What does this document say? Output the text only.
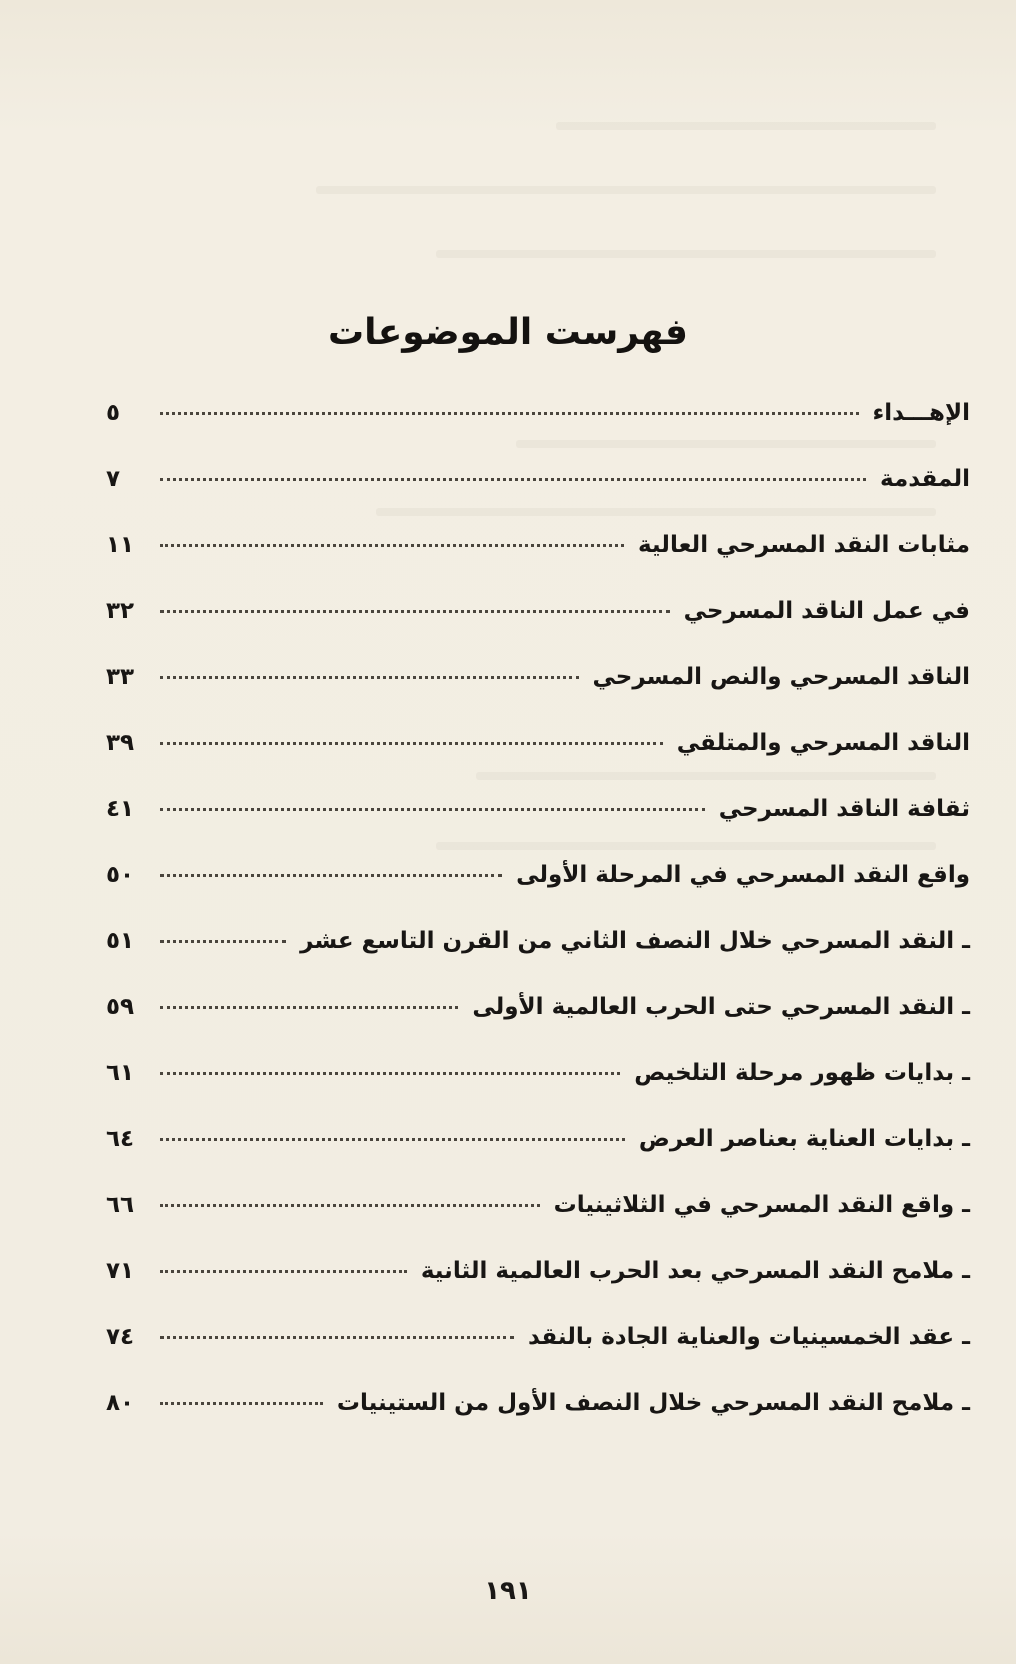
فهرست الموضوعات
٥	الإهـــداء
٧	المقدمة
١١	مثابات النقد المسرحي العالية
٣٢	في عمل الناقد المسرحي
٣٣	الناقد المسرحي والنص المسرحي
٣٩	الناقد المسرحي والمتلقي
٤١	ثقافة الناقد المسرحي
٥٠	واقع النقد المسرحي في المرحلة الأولى
٥١	ـ النقد المسرحي خلال النصف الثاني من القرن التاسع عشر
٥٩	ـ النقد المسرحي حتى الحرب العالمية الأولى
٦١	ـ بدايات ظهور مرحلة التلخيص
٦٤	ـ بدايات العناية بعناصر العرض
٦٦	ـ واقع النقد المسرحي في الثلاثينيات
٧١	ـ ملامح النقد المسرحي بعد الحرب العالمية الثانية
٧٤	ـ عقد الخمسينيات والعناية الجادة بالنقد
٨٠	ـ ملامح النقد المسرحي خلال النصف الأول من الستينيات
١٩١
